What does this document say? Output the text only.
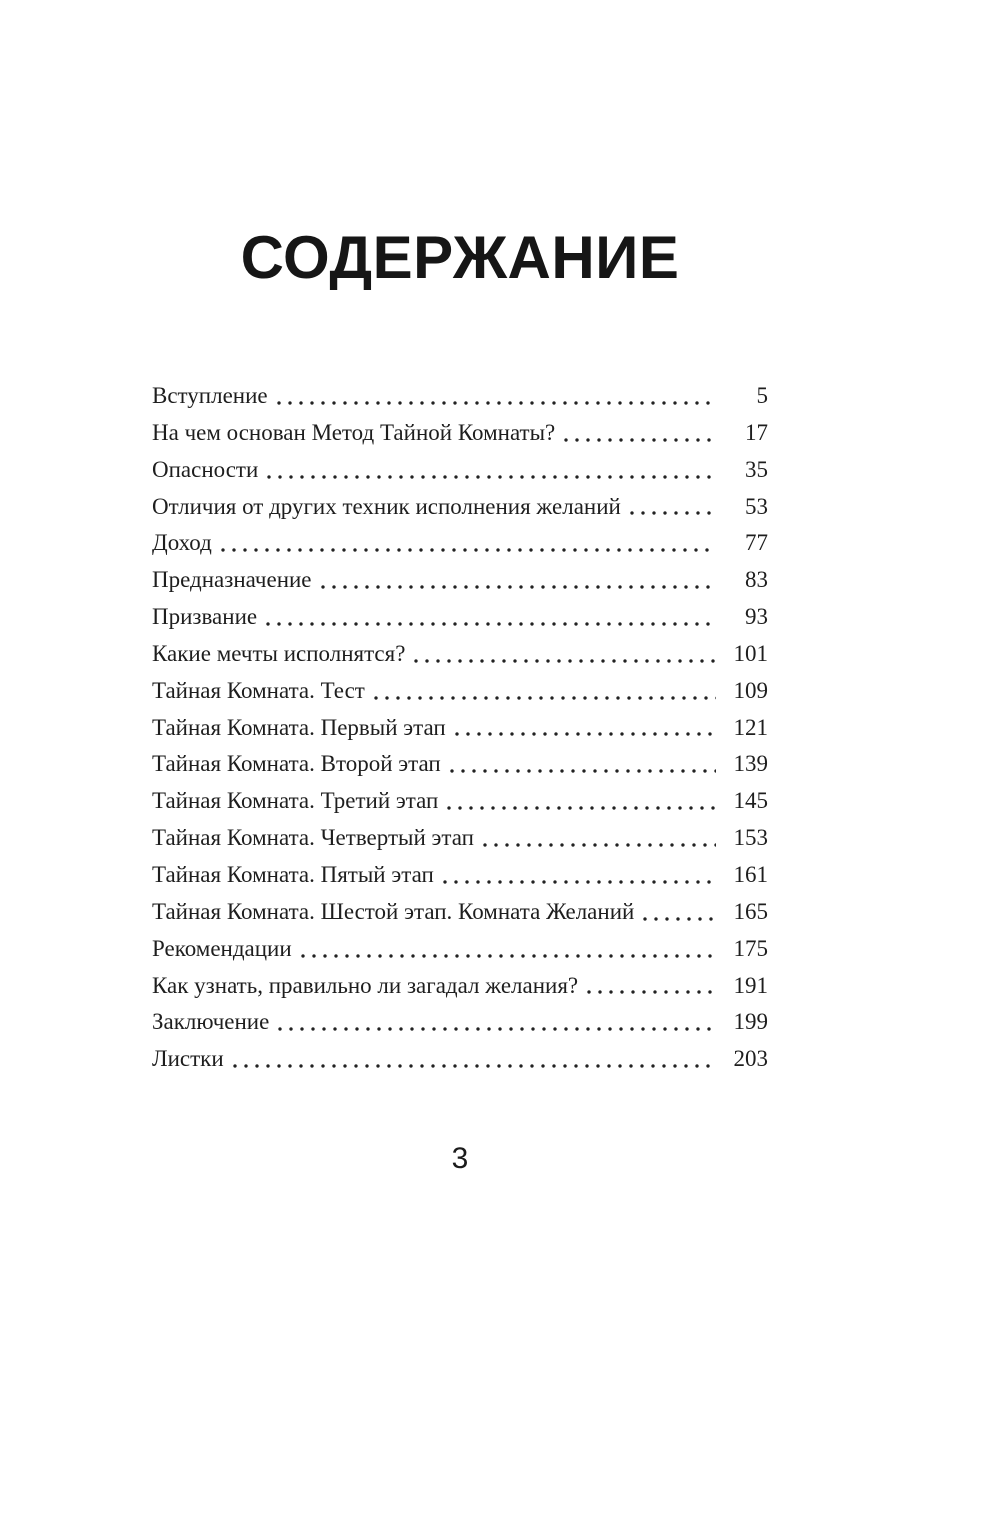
СОДЕРЖАНИЕ
Вступление	5
На чем основан Метод Тайной Комнаты?	17
Опасности	35
Отличия от других техник исполнения желаний	53
Доход	77
Предназначение	83
Призвание	93
Какие мечты исполнятся?	101
Тайная Комната. Тест	109
Тайная Комната. Первый этап	121
Тайная Комната. Второй этап	139
Тайная Комната. Третий этап	145
Тайная Комната. Четвертый этап	153
Тайная Комната. Пятый этап	161
Тайная Комната. Шестой этап. Комната Желаний	165
Рекомендации	175
Как узнать, правильно ли загадал желания?	191
Заключение	199
Листки	203
3
